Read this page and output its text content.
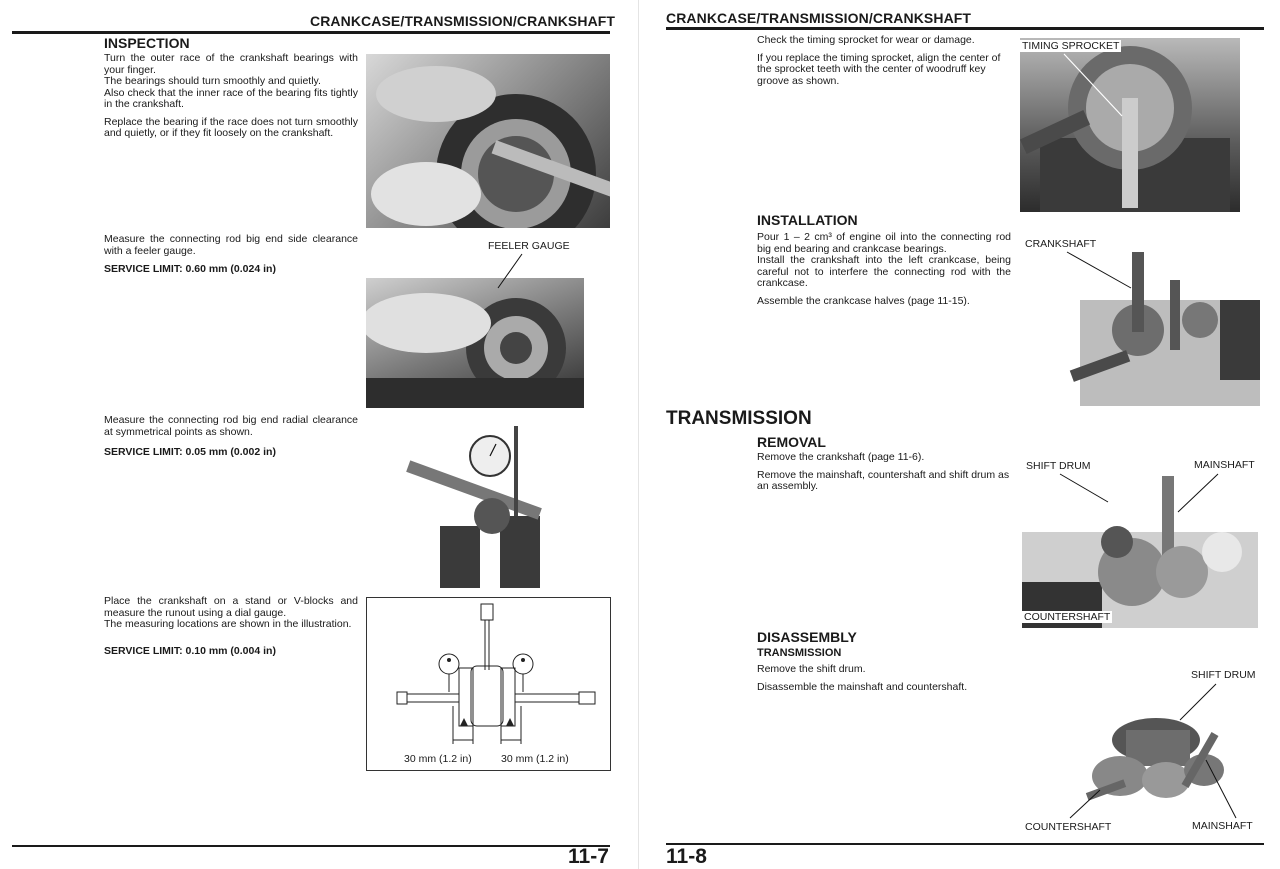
CRANKCASE/TRANSMISSION/CRANKSHAFT
INSPECTION

Turn the outer race of the crankshaft bearings with your finger.

The bearings should turn smoothly and quietly.

Also check that the inner race of the bearing fits tightly in the crankshaft.

Replace the bearing if the race does not turn smoothly and quietly, or if they fit loosely on the crankshaft.

Measure the connecting rod big end side clearance with a feeler gauge.

SERVICE LIMIT: 0.60 mm (0.024 in)

FEELER GAUGE

Measure the connecting rod big end radial clearance at symmetrical points as shown.

SERVICE LIMIT: 0.05 mm (0.002 in)

Place the crankshaft on a stand or V-blocks and measure the runout using a dial gauge.

The measuring locations are shown in the illustration.

SERVICE LIMIT: 0.10 mm (0.004 in)

30 mm (1.2 in)	30 mm (1.2 in)
11-7
CRANKCASE/TRANSMISSION/CRANKSHAFT

Check the timing sprocket for wear or damage.

If you replace the timing sprocket, align the center of the sprocket teeth with the center of woodruff key groove as shown.

TIMING SPROCKET
INSTALLATION

Pour 1 – 2 cm³ of engine oil into the connecting rod big end bearing and crankcase bearings.

Install the crankshaft into the left crankcase, being careful not to interfere the connecting rod with the crankcase.

Assemble the crankcase halves (page 11-15).

CRANKSHAFT
TRANSMISSION
REMOVAL

Remove the crankshaft (page 11-6).

Remove the mainshaft, countershaft and shift drum as an assembly.

SHIFT DRUM	MAINSHAFT
COUNTERSHAFT
DISASSEMBLY
TRANSMISSION

Remove the shift drum.

Disassemble the mainshaft and countershaft.

SHIFT DRUM
COUNTERSHAFT	MAINSHAFT
11-8
